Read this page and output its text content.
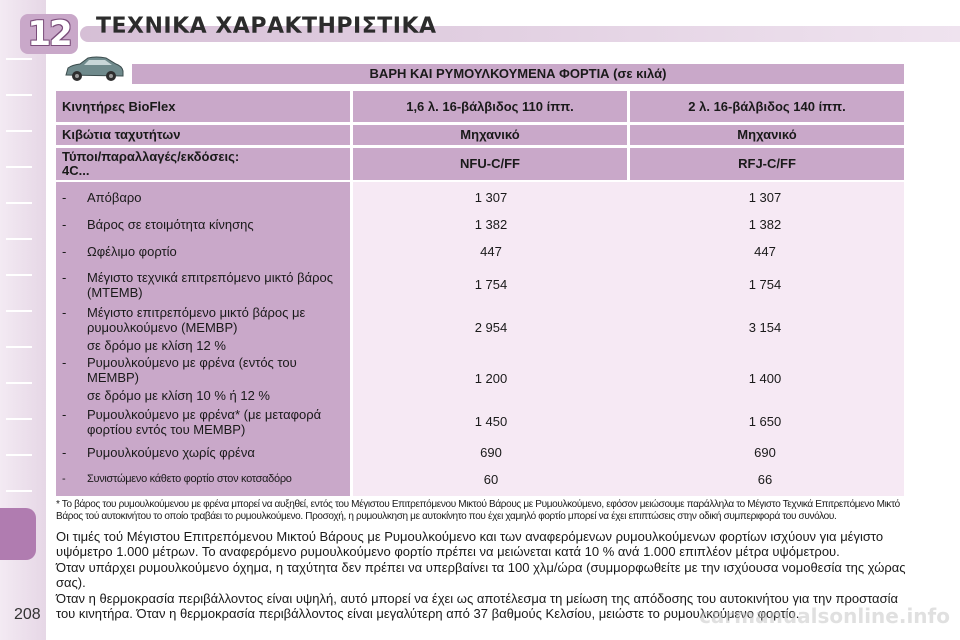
12	ΤΕΧΝΙΚΑ ΧΑΡΑΚΤΗΡΙΣΤΙΚΑ
ΒΑΡΗ ΚΑΙ ΡΥΜΟΥΛΚΟΥΜΕΝΑ ΦΟΡΤΙΑ (σε κιλά)
Κινητήρες BioFlex	1,6 λ. 16-βάλβιδος 110 ίππ.	2 λ. 16-βάλβιδος 140 ίππ.
Κιβώτια ταχυτήτων	Μηχανικό	Μηχανικό
Τύποι/παραλλαγές/εκδόσεις:
4C...	NFU-C/FF	RFJ-C/FF
- Απόβαρο	1 307	1 307
- Βάρος σε ετοιμότητα κίνησης	1 382	1 382
- Ωφέλιμο φορτίο	447	447
- Μέγιστο τεχνικά επιτρεπόμενο μικτό βάρος (MTEMB)
1 754	1 754
- Μέγιστο επιτρεπόμενο μικτό βάρος με ρυμουλκούμενο (MEMBP)
σε δρόμο με κλίση 12 %
2 954	3 154
- Ρυμουλκούμενο με φρένα (εντός του MEMBP)
σε δρόμο με κλίση 10 % ή 12 %
1 200	1 400
- Ρυμουλκούμενο με φρένα* (με μεταφορά φορτίου εντός του MEMBP)
1 450	1 650
- Ρυμουλκούμενο χωρίς φρένα	690	690
- Συνιστώμενο κάθετο φορτίο στον κοτσαδόρο	60	66
* Το βάρος του ρυμουλκούμενου με φρένα μπορεί να αυξηθεί, εντός του Μέγιστου Επιτρεπόμενου Μικτού Βάρους με Ρυμουλκούμενο, εφόσον μειώσουμε παράλληλα το Μέγιστο Τεχνικά Επιτρεπόμενο Μικτό Βάρος τού αυτοκινήτου το οποίο τραβάει το ρυμουλκούμενο. Προσοχή, η ρυμουλκηση με αυτοκίνητο που έχει χαμηλό φορτίο μπορεί να έχει επιπτώσεις στην οδική συμπεριφορά του συνόλου.
Οι τιμές τού Μέγιστου Επιτρεπόμενου Μικτού Βάρους με Ρυμουλκούμενο και των αναφερόμενων ρυμουλκούμενων φορτίων ισχύουν για μέγιστο υψόμετρο 1.000 μέτρων. Το αναφερόμενο ρυμουλκούμενο φορτίο πρέπει να μειώνεται κατά 10 % ανά 1.000 επιπλέον μέτρα υψόμετρου.
Όταν υπάρχει ρυμουλκούμενο όχημα, η ταχύτητα δεν πρέπει να υπερβαίνει τα 100 χλμ/ώρα (συμμορφωθείτε με την ισχύουσα νομοθεσία της χώρας σας).
Όταν η θερμοκρασία περιβάλλοντος είναι υψηλή, αυτό μπορεί να έχει ως αποτέλεσμα τη μείωση της απόδοσης του αυτοκινήτου για την προστασία του κινητήρα. Όταν η θερμοκρασία περιβάλλοντος είναι μεγαλύτερη από 37 βαθμούς Κελσίου, μειώστε το ρυμουλκούμενο φορτίο.
208	carmanualsonline.info
